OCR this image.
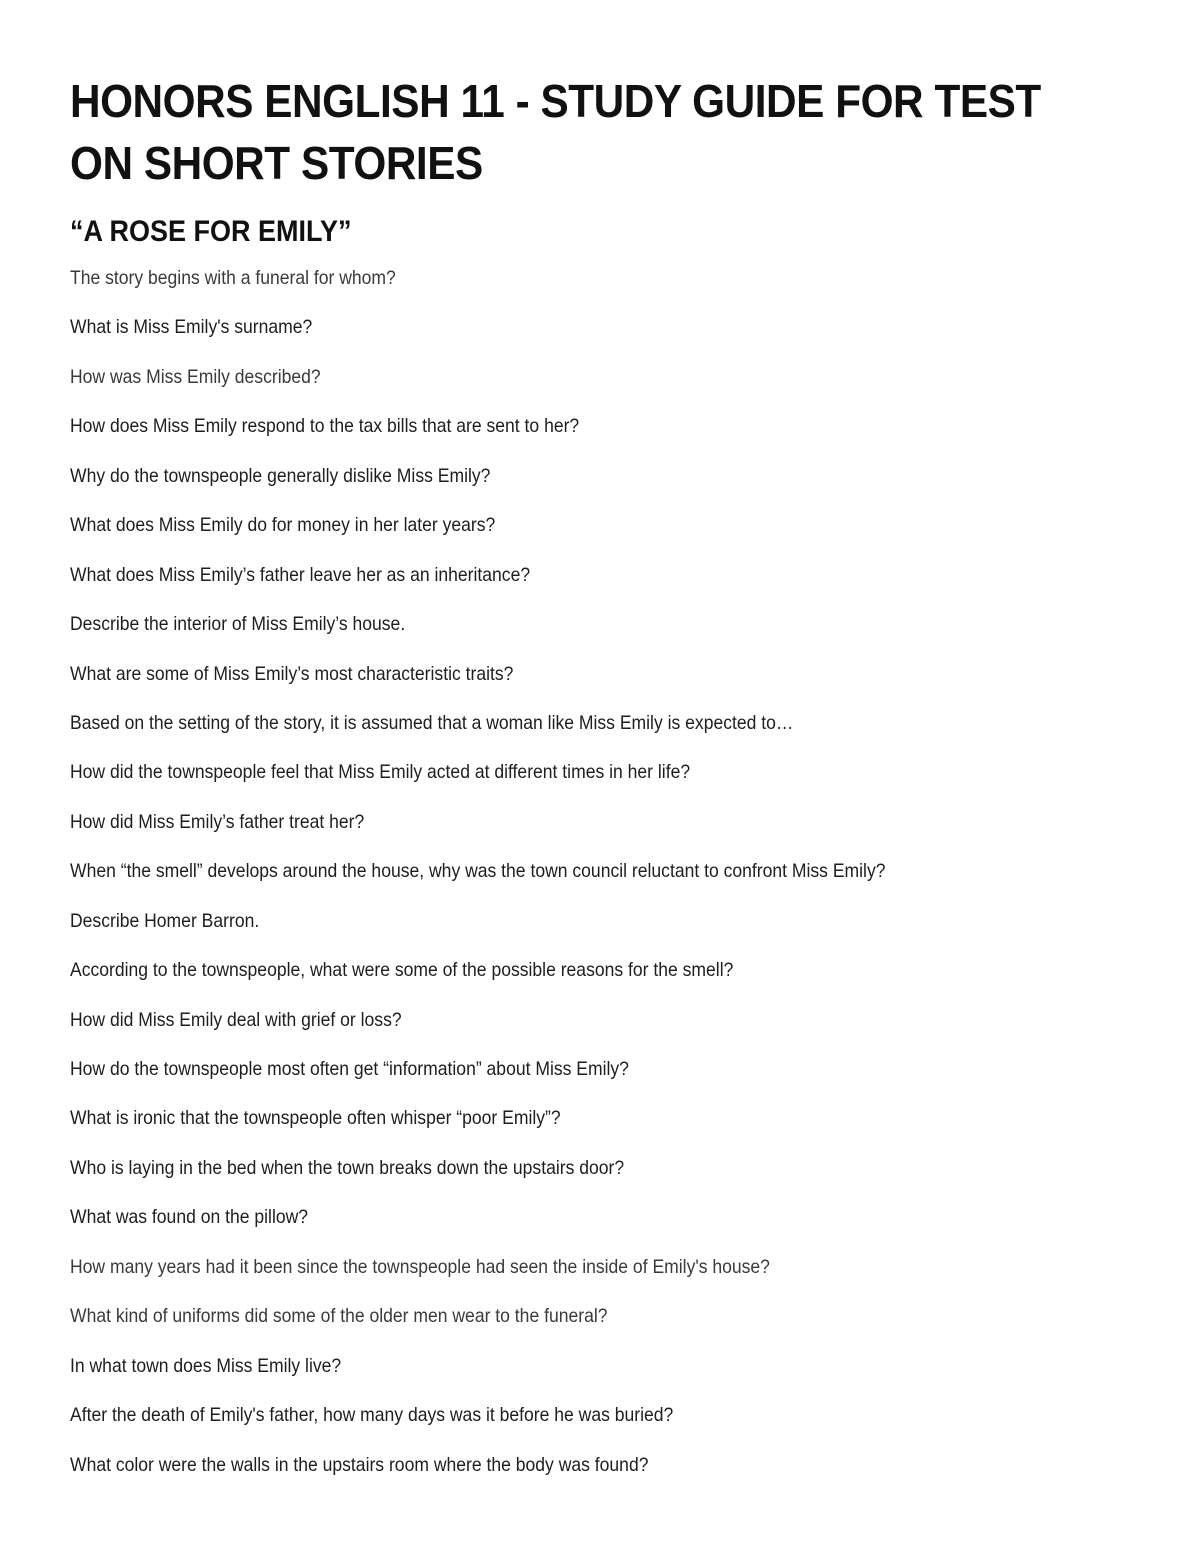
HONORS ENGLISH 11 - STUDY GUIDE FOR TEST ON SHORT STORIES
“A ROSE FOR EMILY”
The story begins with a funeral for whom?
What is Miss Emily's surname?
How was Miss Emily described?
How does Miss Emily respond to the tax bills that are sent to her?
Why do the townspeople generally dislike Miss Emily?
What does Miss Emily do for money in her later years?
What does Miss Emily’s father leave her as an inheritance?
Describe the interior of Miss Emily’s house.
What are some of Miss Emily’s most characteristic traits?
Based on the setting of the story, it is assumed that a woman like Miss Emily is expected to…
How did the townspeople feel that Miss Emily acted at different times in her life?
How did Miss Emily’s father treat her?
When “the smell” develops around the house, why was the town council reluctant to confront Miss Emily?
Describe Homer Barron.
According to the townspeople, what were some of the possible reasons for the smell?
How did Miss Emily deal with grief or loss?
How do the townspeople most often get “information” about Miss Emily?
What is ironic that the townspeople often whisper “poor Emily”?
Who is laying in the bed when the town breaks down the upstairs door?
What was found on the pillow?
How many years had it been since the townspeople had seen the inside of Emily's house?
What kind of uniforms did some of the older men wear to the funeral?
In what town does Miss Emily live?
After the death of Emily's father, how many days was it before he was buried?
What color were the walls in the upstairs room where the body was found?
